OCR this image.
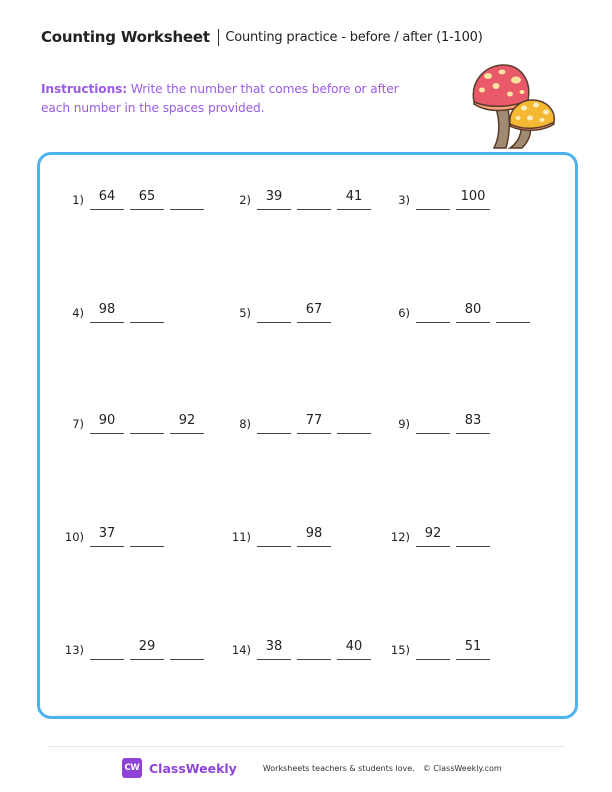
Counting Worksheet Counting practice - before / after (1-100)
Instructions: Write the number that comes before or after each number in the spaces provided.
1)	64	65	2)	39	41	3)	100
4)	98	5)	67	6)	80
7)	90	92	8)	77	9)	83
10)	37	11)	98	12)	92
13)	29	14)	38	40	15)	51
CW ClassWeekly	Worksheets teachers & students love. © ClassWeekly.com
